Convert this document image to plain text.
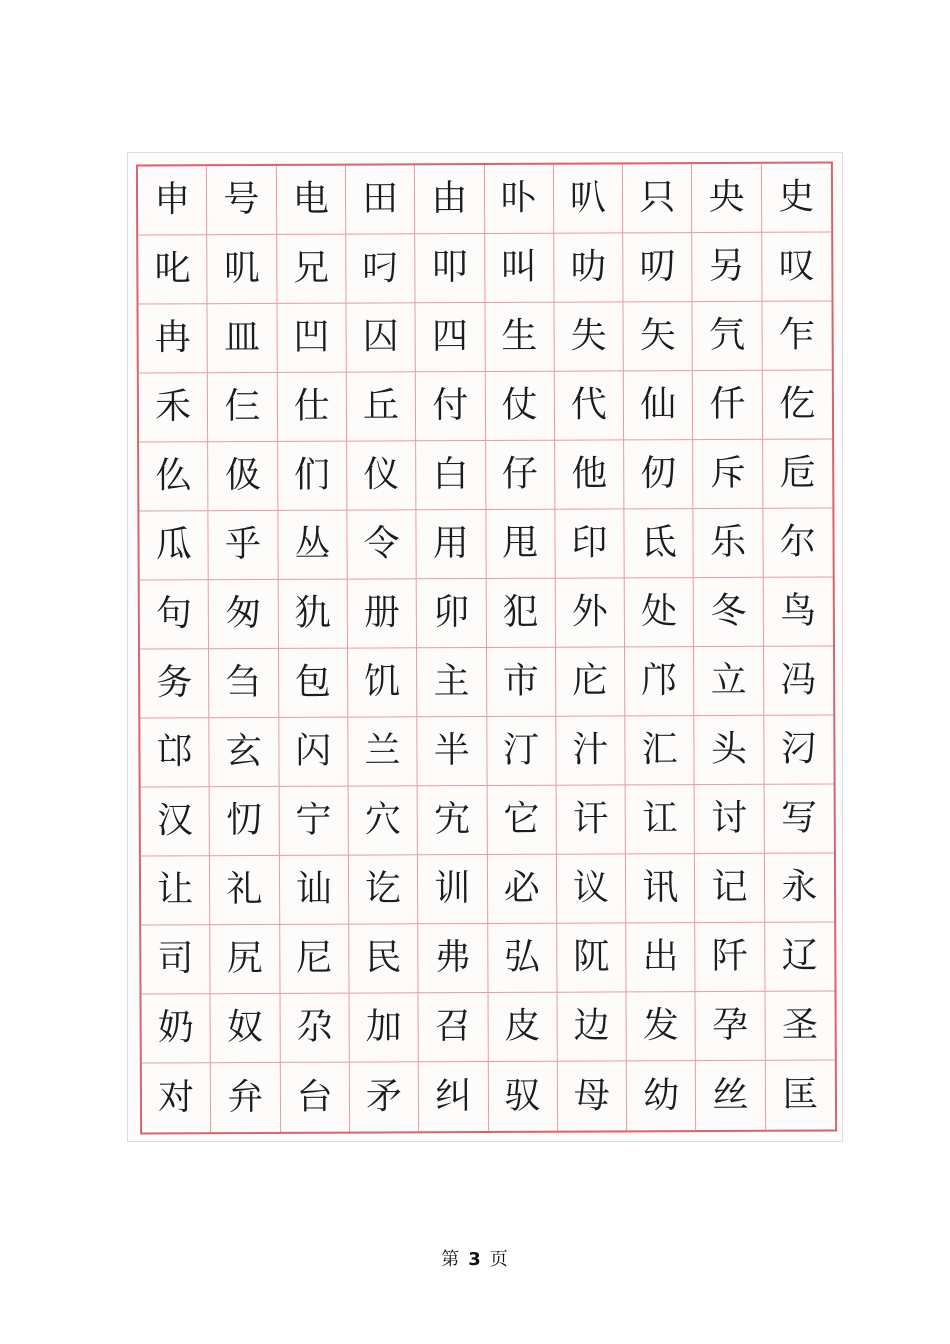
申 号 电 田 由 卟 叭 只 央 史
叱 叽 兄 叼 叩 叫 叻 叨 另 叹
冉 皿 凹 囚 四 生 失 矢 氕 乍
禾 仨 仕 丘 付 仗 代 仙 仟 仡
仫 伋 们 仪 白 仔 他 仞 斥 卮
瓜 乎 丛 令 用 甩 印 氐 乐 尔
句 匆 犰 册 卯 犯 外 处 冬 鸟
务 刍 包 饥 主 市 庀 邝 立 冯
邙 玄 闪 兰 半 汀 汁 汇 头 汈
汉 忉 宁 穴 宄 它 讦 讧 讨 写
让 礼 讪 讫 训 必 议 讯 记 永
司 尻 尼 民 弗 弘 阢 出 阡 辽
奶 奴 尕 加 召 皮 边 发 孕 圣
对 弁 台 矛 纠 驭 母 幼 丝 匡
第 3 页
